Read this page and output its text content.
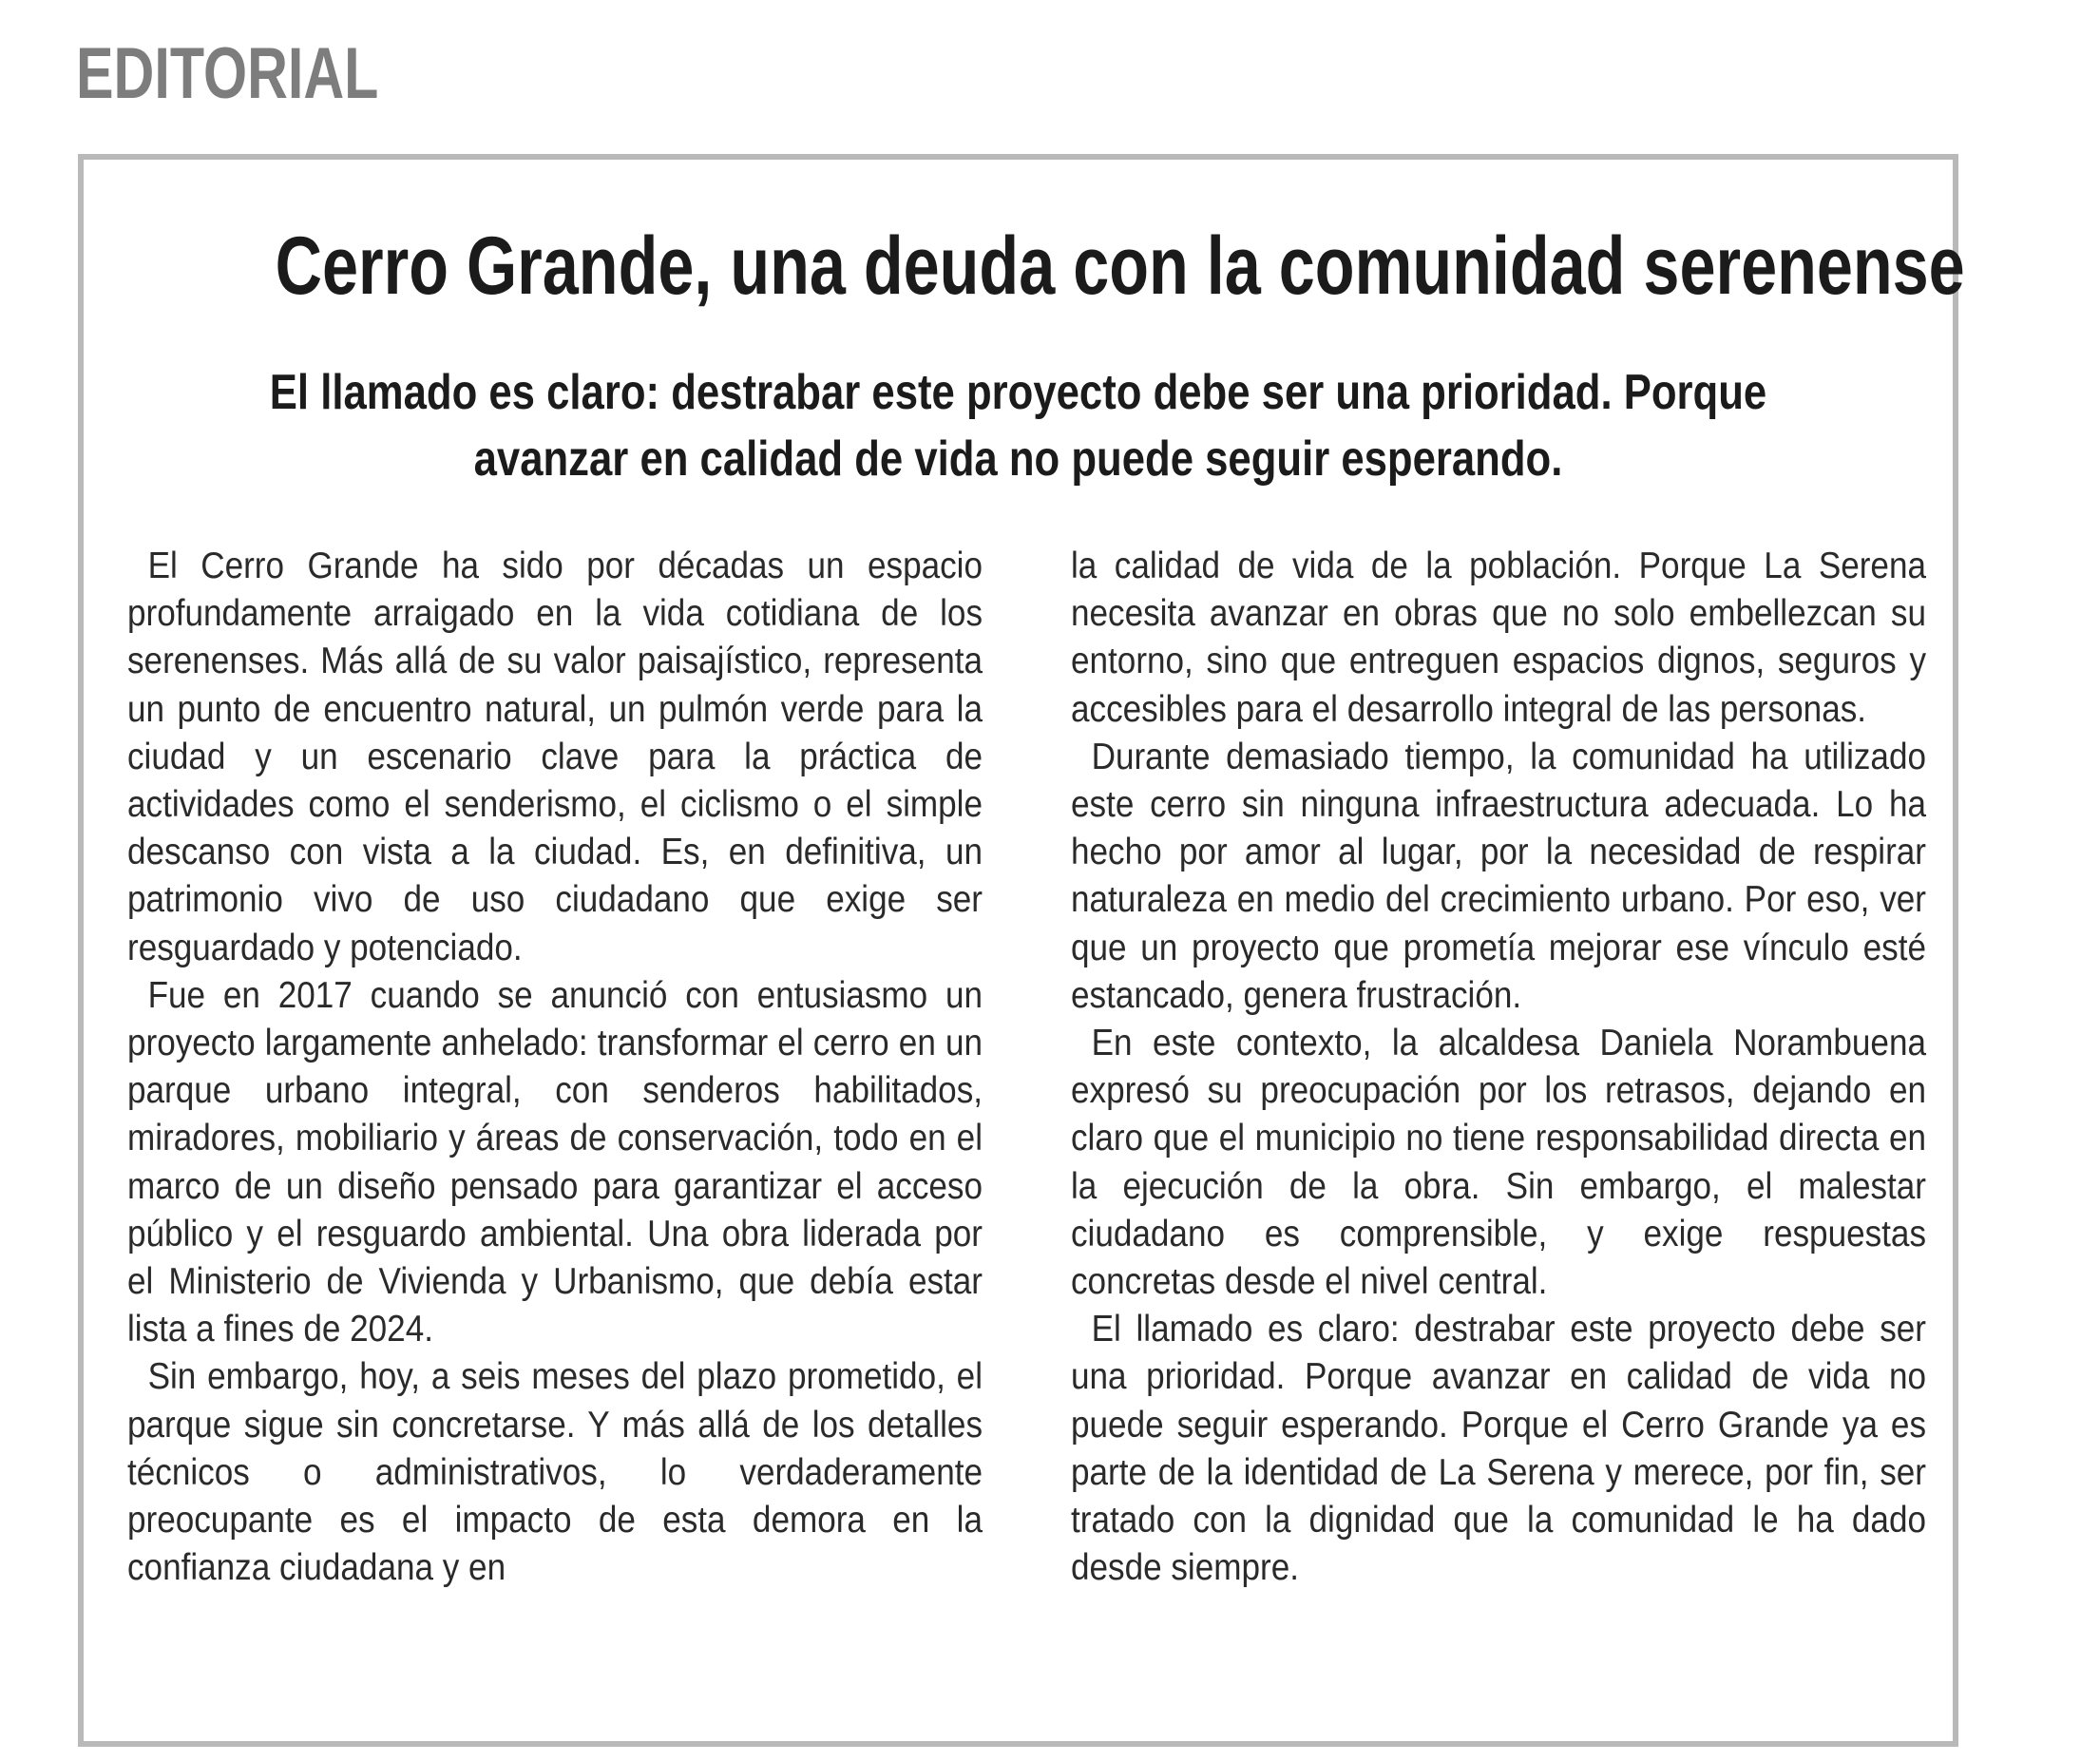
EDITORIAL
Cerro Grande, una deuda con la comunidad serenense
El llamado es claro: destrabar este proyecto debe ser una prioridad. Porque
avanzar en calidad de vida no puede seguir esperando.

El Cerro Grande ha sido por décadas un espacio profundamente arraigado en la vida cotidiana de los serenenses. Más allá de su valor paisajístico, representa un punto de encuentro natural, un pulmón verde para la ciudad y un escenario clave para la práctica de actividades como el senderismo, el ciclismo o el simple descanso con vista a la ciudad. Es, en definitiva, un patrimonio vivo de uso ciudadano que exige ser resguardado y potenciado.

Fue en 2017 cuando se anunció con entusiasmo un proyecto largamente anhelado: transformar el cerro en un parque urbano integral, con senderos habilitados, miradores, mobiliario y áreas de conservación, todo en el marco de un diseño pensado para garantizar el acceso público y el resguardo ambiental. Una obra liderada por el Ministerio de Vivienda y Urbanismo, que debía estar lista a fines de 2024.

Sin embargo, hoy, a seis meses del plazo prometido, el parque sigue sin concretarse. Y más allá de los detalles técnicos o administrativos, lo verdaderamente preocupante es el impacto de esta demora en la confianza ciudadana y en

la calidad de vida de la población. Porque La Serena necesita avanzar en obras que no solo embellezcan su entorno, sino que entreguen espacios dignos, seguros y accesibles para el desarrollo integral de las personas.

Durante demasiado tiempo, la comunidad ha utilizado este cerro sin ninguna infraestructura adecuada. Lo ha hecho por amor al lugar, por la necesidad de respirar naturaleza en medio del crecimiento urbano. Por eso, ver que un proyecto que prometía mejorar ese vínculo esté estancado, genera frustración.

En este contexto, la alcaldesa Daniela Norambuena expresó su preocupación por los retrasos, dejando en claro que el municipio no tiene responsabilidad directa en la ejecución de la obra. Sin embargo, el malestar ciudadano es comprensible, y exige respuestas concretas desde el nivel central.

El llamado es claro: destrabar este proyecto debe ser una prioridad. Porque avanzar en calidad de vida no puede seguir esperando. Porque el Cerro Grande ya es parte de la identidad de La Serena y merece, por fin, ser tratado con la dignidad que la comunidad le ha dado desde siempre.
